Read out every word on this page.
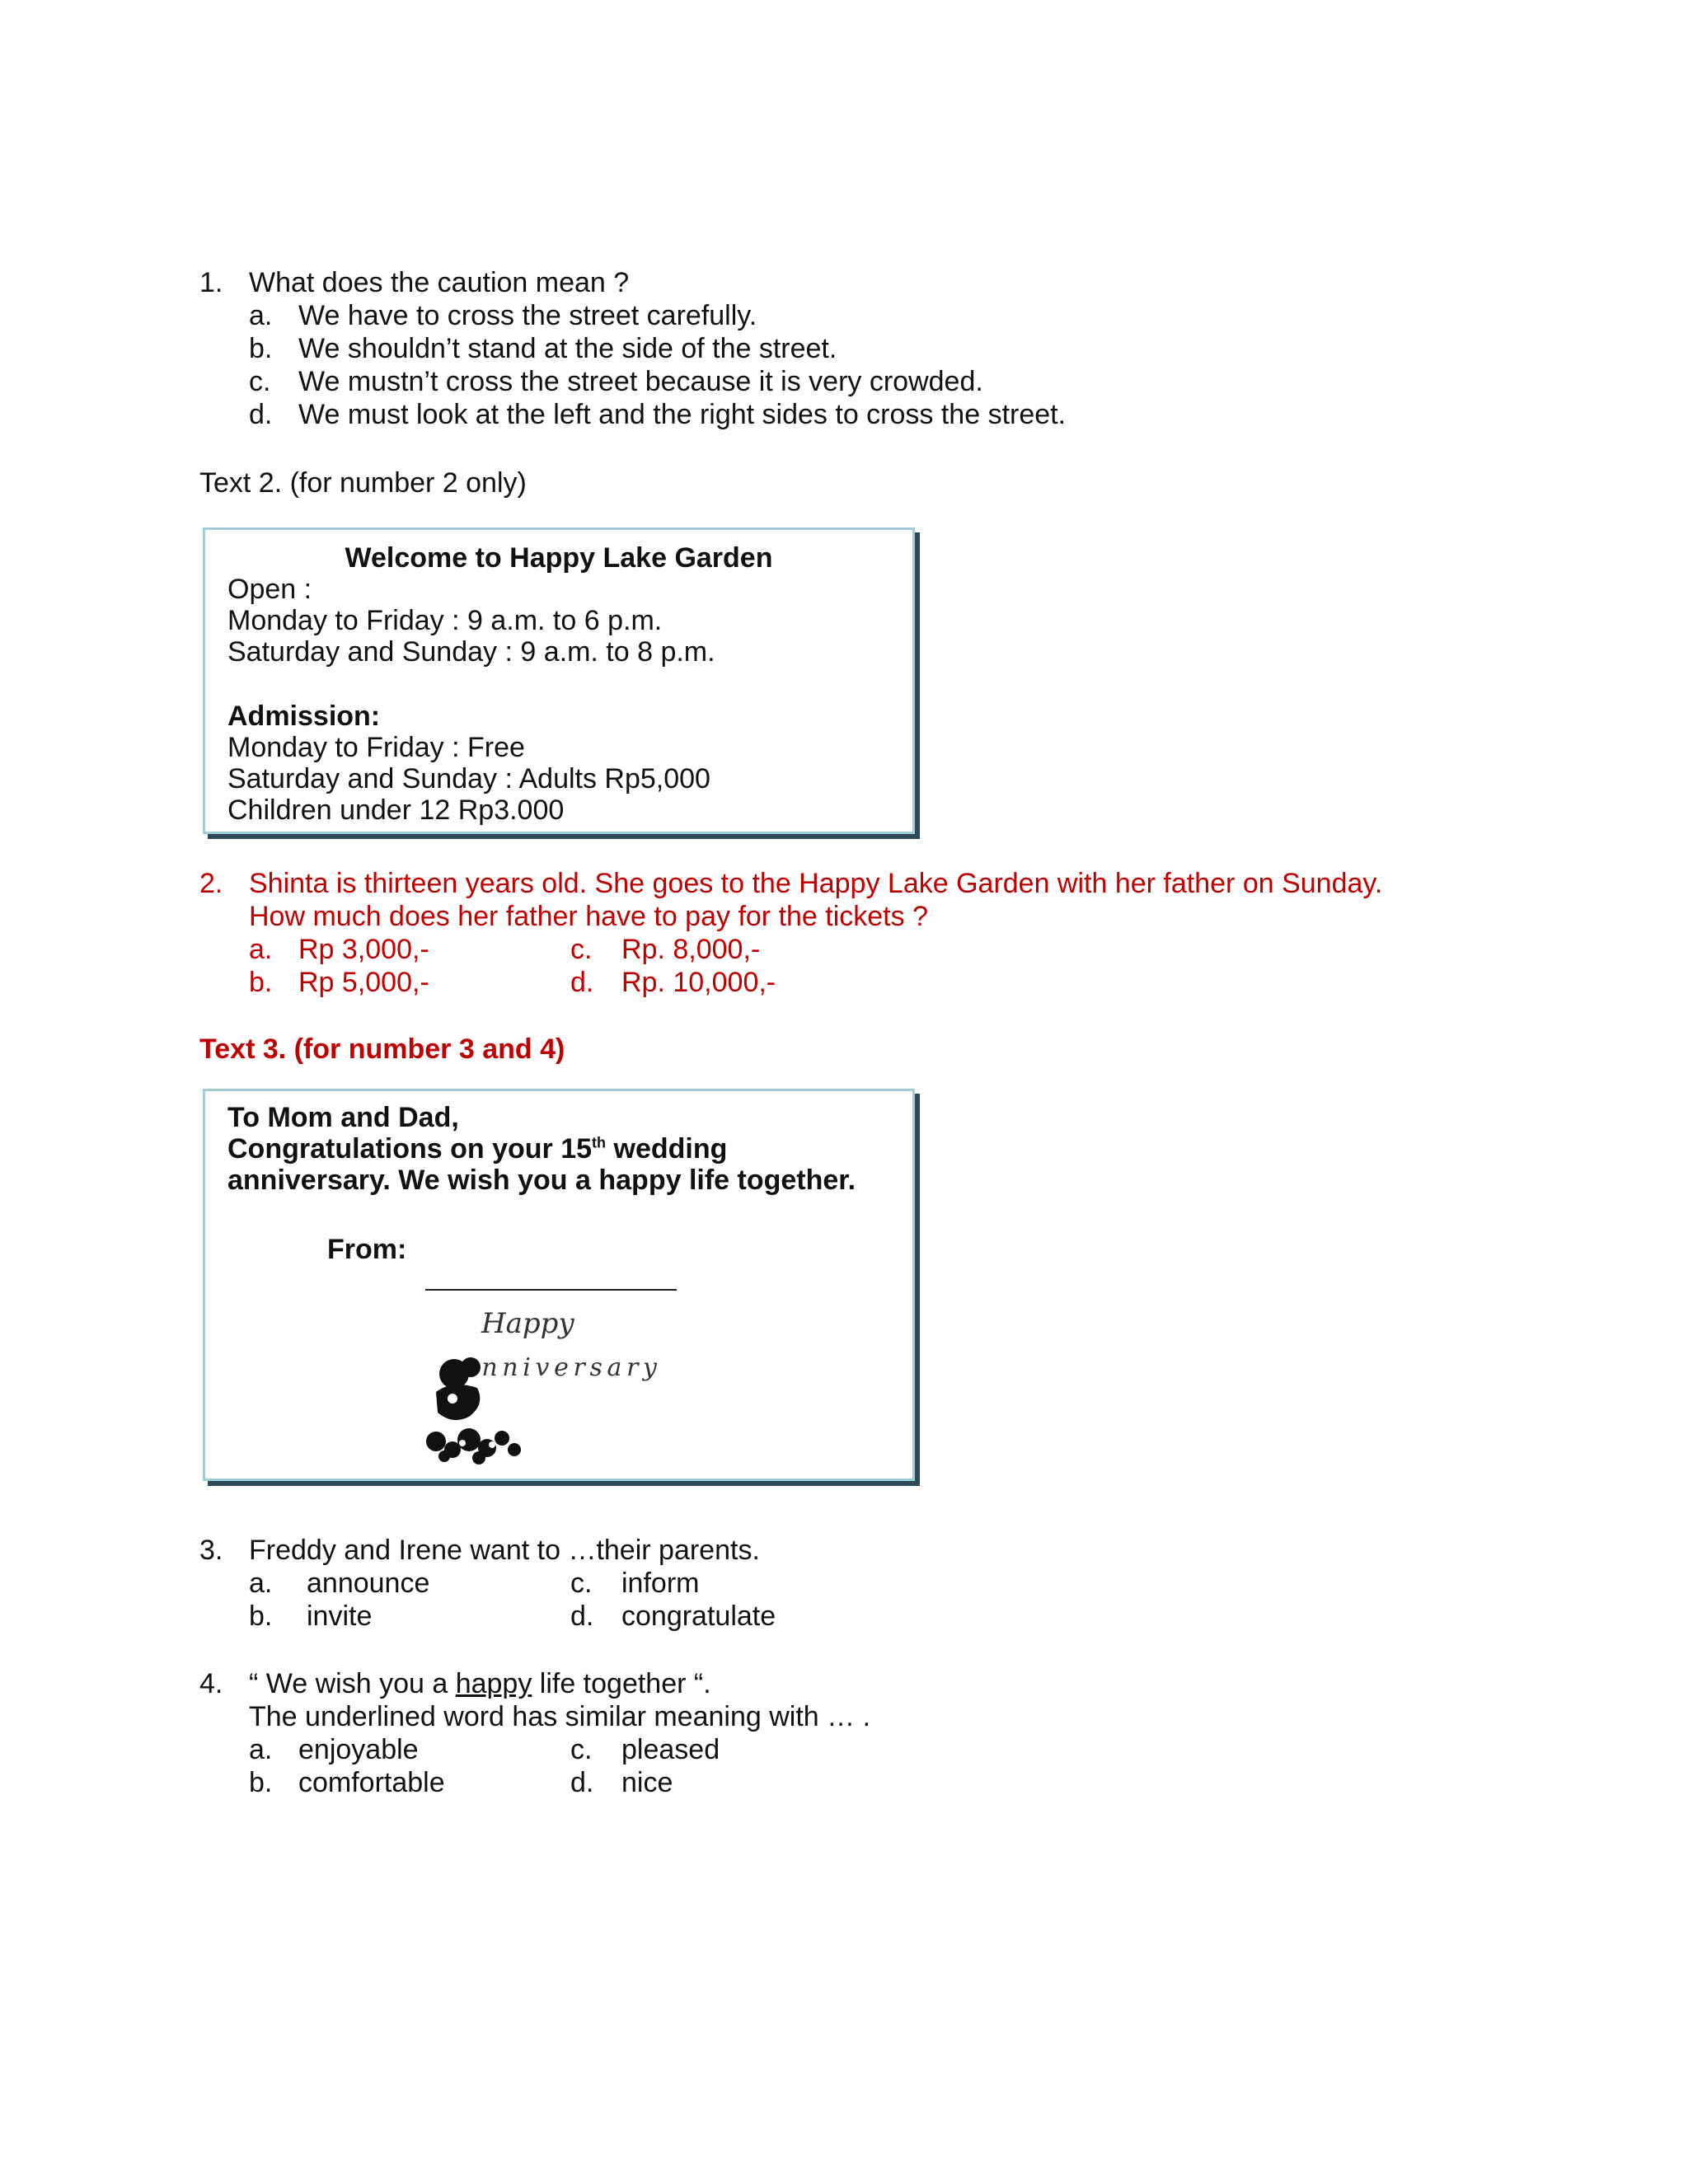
1. What does the caution mean ?
a. We have to cross the street carefully.
b. We shouldn’t stand at the side of the street.
c. We mustn’t cross the street because it is very crowded.
d. We must look at the left and the right sides to cross the street.
Text 2. (for number 2 only)
Welcome to Happy Lake Garden
Open :
Monday to Friday : 9 a.m. to 6 p.m.
Saturday and Sunday : 9 a.m. to 8 p.m.
Admission:
Monday to Friday : Free
Saturday and Sunday : Adults Rp5,000
Children under 12 Rp3.000
2. Shinta is thirteen years old. She goes to the Happy Lake Garden with her father on Sunday.
How much does her father have to pay for the tickets ?
a. Rp 3,000,-	c. Rp. 8,000,-
b. Rp 5,000,-	d. Rp. 10,000,-
Text 3. (for number 3 and 4)
To Mom and Dad,
Congratulations on your 15th wedding
anniversary. We wish you a happy life together.
From:
Happy
nniversary
3. Freddy and Irene want to …their parents.
a. announce	c. inform
b. invite	d. congratulate
4. “ We wish you a happy life together “.
The underlined word has similar meaning with … .
a. enjoyable	c. pleased
b. comfortable	d. nice
